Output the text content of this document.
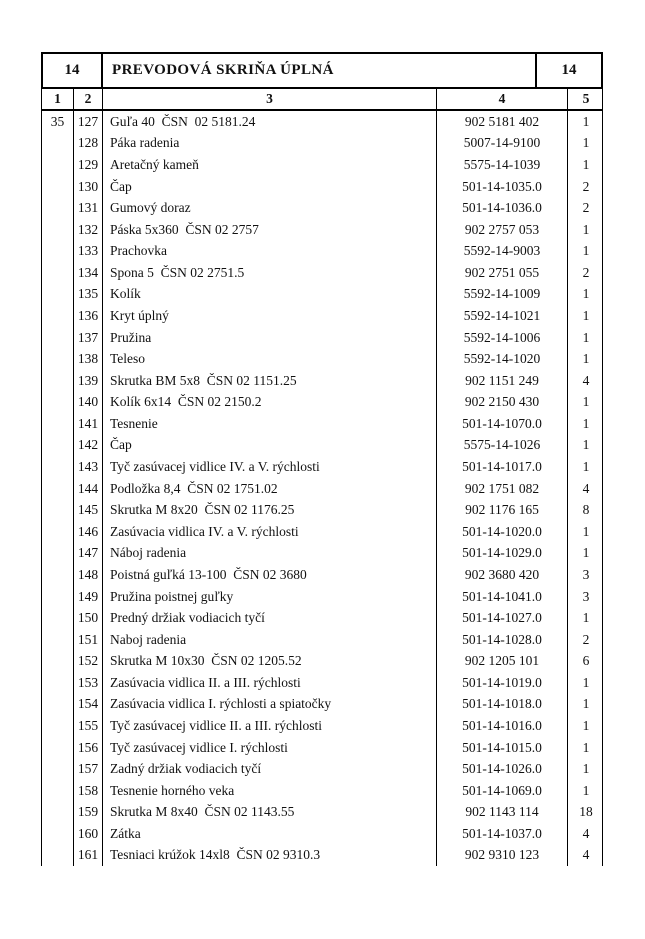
14	PREVODOVÁ SKRIŇA ÚPLNÁ	14
1	2	3	4	5
35	127 Guľa 40  ČSN  02 5181.24	902 5181 402	1
128 Páka radenia	5007-14-9100	1
129 Aretačný kameň	5575-14-1039	1
130 Čap	501-14-1035.0	2
131 Gumový doraz	501-14-1036.0	2
132 Páska 5x360  ČSN 02 2757	902 2757 053	1
133 Prachovka	5592-14-9003	1
134 Spona 5  ČSN 02 2751.5	902 2751 055	2
135 Kolík	5592-14-1009	1
136 Kryt úplný	5592-14-1021	1
137 Pružina	5592-14-1006	1
138 Teleso	5592-14-1020	1
139 Skrutka BM 5x8  ČSN 02 1151.25	902 1151 249	4
140 Kolík 6x14  ČSN 02 2150.2	902 2150 430	1
141 Tesnenie	501-14-1070.0	1
142 Čap	5575-14-1026	1
143 Tyč zasúvacej vidlice IV. a V. rýchlosti	501-14-1017.0	1
144 Podložka 8,4  ČSN 02 1751.02	902 1751 082	4
145 Skrutka M 8x20  ČSN 02 1176.25	902 1176 165	8
146 Zasúvacia vidlica IV. a V. rýchlosti	501-14-1020.0	1
147 Náboj radenia	501-14-1029.0	1
148 Poistná guľká 13-100  ČSN 02 3680	902 3680 420	3
149 Pružina poistnej guľky	501-14-1041.0	3
150 Predný držiak vodiacich tyčí	501-14-1027.0	1
151 Naboj radenia	501-14-1028.0	2
152 Skrutka M 10x30  ČSN 02 1205.52	902 1205 101	6
153 Zasúvacia vidlica II. a III. rýchlosti	501-14-1019.0	1
154 Zasúvacia vidlica I. rýchlosti a spiatočky	501-14-1018.0	1
155 Tyč zasúvacej vidlice II. a III. rýchlosti	501-14-1016.0	1
156 Tyč zasúvacej vidlice I. rýchlosti	501-14-1015.0	1
157 Zadný držiak vodiacich tyčí	501-14-1026.0	1
158 Tesnenie horného veka	501-14-1069.0	1
159 Skrutka M 8x40  ČSN 02 1143.55	902 1143 114	18
160 Zátka	501-14-1037.0	4
161 Tesniaci krúžok 14xl8  ČSN 02 9310.3	902 9310 123	4
